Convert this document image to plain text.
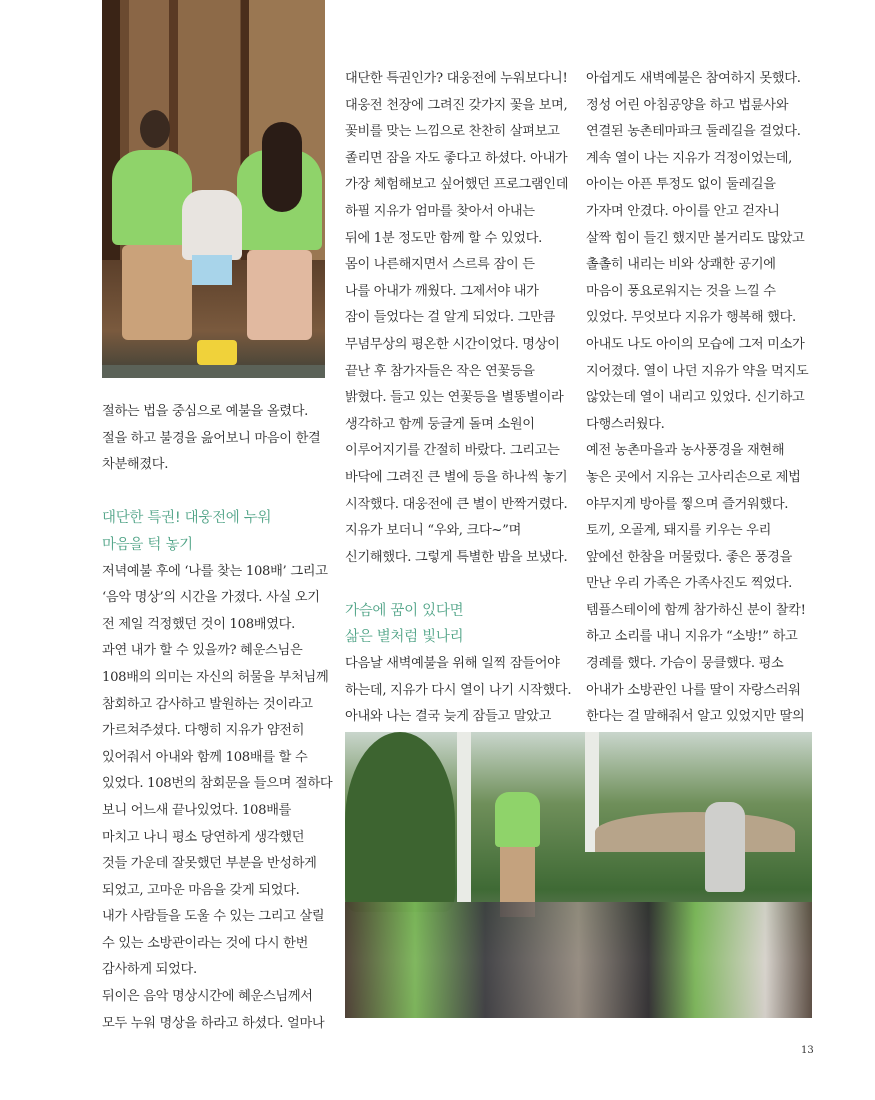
절하는 법을 중심으로 예불을 올렸다.
절을 하고 불경을 읊어보니 마음이 한결
차분해졌다.
대단한 특권! 대웅전에 누워
마음을 턱 놓기
저녁예불 후에 ‘나를 찾는 108배’ 그리고
‘음악 명상’의 시간을 가졌다. 사실 오기
전 제일 걱정했던 것이 108배였다.
과연 내가 할 수 있을까? 혜운스님은
108배의 의미는 자신의 허물을 부처님께
참회하고 감사하고 발원하는 것이라고
가르쳐주셨다. 다행히 지유가 얌전히
있어줘서 아내와 함께 108배를 할 수
있었다. 108번의 참회문을 들으며 절하다
보니 어느새 끝나있었다. 108배를
마치고 나니 평소 당연하게 생각했던
것들 가운데 잘못했던 부분을 반성하게
되었고, 고마운 마음을 갖게 되었다.
내가 사람들을 도울 수 있는 그리고 살릴
수 있는 소방관이라는 것에 다시 한번
감사하게 되었다.
뒤이은 음악 명상시간에 혜운스님께서
모두 누워 명상을 하라고 하셨다. 얼마나
대단한 특권인가? 대웅전에 누워보다니!
대웅전 천장에 그려진 갖가지 꽃을 보며,
꽃비를 맞는 느낌으로 찬찬히 살펴보고
졸리면 잠을 자도 좋다고 하셨다. 아내가
가장 체험해보고 싶어했던 프로그램인데
하필 지유가 엄마를 찾아서 아내는
뒤에 1분 정도만 함께 할 수 있었다.
몸이 나른해지면서 스르륵 잠이 든
나를 아내가 깨웠다. 그제서야 내가
잠이 들었다는 걸 알게 되었다. 그만큼
무념무상의 평온한 시간이었다. 명상이
끝난 후 참가자들은 작은 연꽃등을
밝혔다. 들고 있는 연꽃등을 별똥별이라
생각하고 함께 둥글게 돌며 소원이
이루어지기를 간절히 바랐다. 그리고는
바닥에 그려진 큰 별에 등을 하나씩 놓기
시작했다. 대웅전에 큰 별이 반짝거렸다.
지유가 보더니 “우와, 크다~”며
신기해했다. 그렇게 특별한 밤을 보냈다.
가슴에 꿈이 있다면
삶은 별처럼 빛나리
다음날 새벽예불을 위해 일찍 잠들어야
하는데, 지유가 다시 열이 나기 시작했다.
아내와 나는 결국 늦게 잠들고 말았고
아쉽게도 새벽예불은 참여하지 못했다.
정성 어린 아침공양을 하고 법륜사와
연결된 농촌테마파크 둘레길을 걸었다.
계속 열이 나는 지유가 걱정이었는데,
아이는 아픈 투정도 없이 둘레길을
가자며 안겼다. 아이를 안고 걷자니
살짝 힘이 들긴 했지만 볼거리도 많았고
촐촐히 내리는 비와 상쾌한 공기에
마음이 풍요로워지는 것을 느낄 수
있었다. 무엇보다 지유가 행복해 했다.
아내도 나도 아이의 모습에 그저 미소가
지어졌다. 열이 나던 지유가 약을 먹지도
않았는데 열이 내리고 있었다. 신기하고
다행스러웠다.
예전 농촌마을과 농사풍경을 재현해
놓은 곳에서 지유는 고사리손으로 제법
야무지게 방아를 찧으며 즐거워했다.
토끼, 오골계, 돼지를 키우는 우리
앞에선 한참을 머물렀다. 좋은 풍경을
만난 우리 가족은 가족사진도 찍었다.
템플스테이에 함께 참가하신 분이 찰칵!
하고 소리를 내니 지유가 “소방!” 하고
경례를 했다. 가슴이 뭉클했다. 평소
아내가 소방관인 나를 딸이 자랑스러워
한다는 걸 말해줘서 알고 있었지만 딸의
13
